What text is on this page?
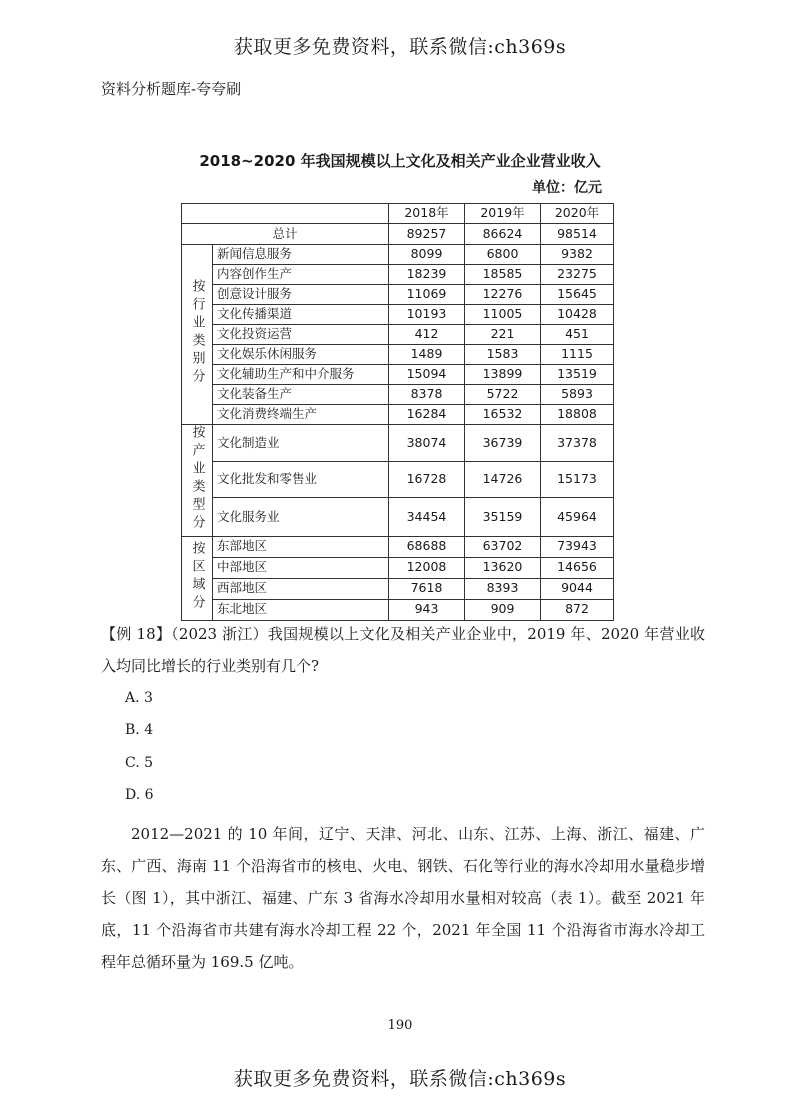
获取更多免费资料，联系微信:ch369s
资料分析题库-夸夸刷
2018~2020 年我国规模以上文化及相关产业企业营业收入
单位：亿元
		2018年	2019年	2020年
总计		89257	86624	98514
按行业类别分	新闻信息服务	8099	6800	9382
	内容创作生产	18239	18585	23275
	创意设计服务	11069	12276	15645
	文化传播渠道	10193	11005	10428
	文化投资运营	412	221	451
	文化娱乐休闲服务	1489	1583	1115
	文化辅助生产和中介服务	15094	13899	13519
	文化装备生产	8378	5722	5893
	文化消费终端生产	16284	16532	18808
按产业类型分	文化制造业	38074	36739	37378
	文化批发和零售业	16728	14726	15173
	文化服务业	34454	35159	45964
按区域分	东部地区	68688	63702	73943
	中部地区	12008	13620	14656
	西部地区	7618	8393	9044
	东北地区	943	909	872
【例 18】（2023 浙江）我国规模以上文化及相关产业企业中，2019 年、2020 年营业收入均同比增长的行业类别有几个?
A. 3
B. 4
C. 5
D. 6
2012—2021 的 10 年间，辽宁、天津、河北、山东、江苏、上海、浙江、福建、广东、广西、海南 11 个沿海省市的核电、火电、钢铁、石化等行业的海水冷却用水量稳步增长（图 1），其中浙江、福建、广东 3 省海水冷却用水量相对较高（表 1）。截至 2021 年底，11 个沿海省市共建有海水冷却工程 22 个，2021 年全国 11 个沿海省市海水冷却工程年总循环量为 169.5 亿吨。
190
获取更多免费资料，联系微信:ch369s
